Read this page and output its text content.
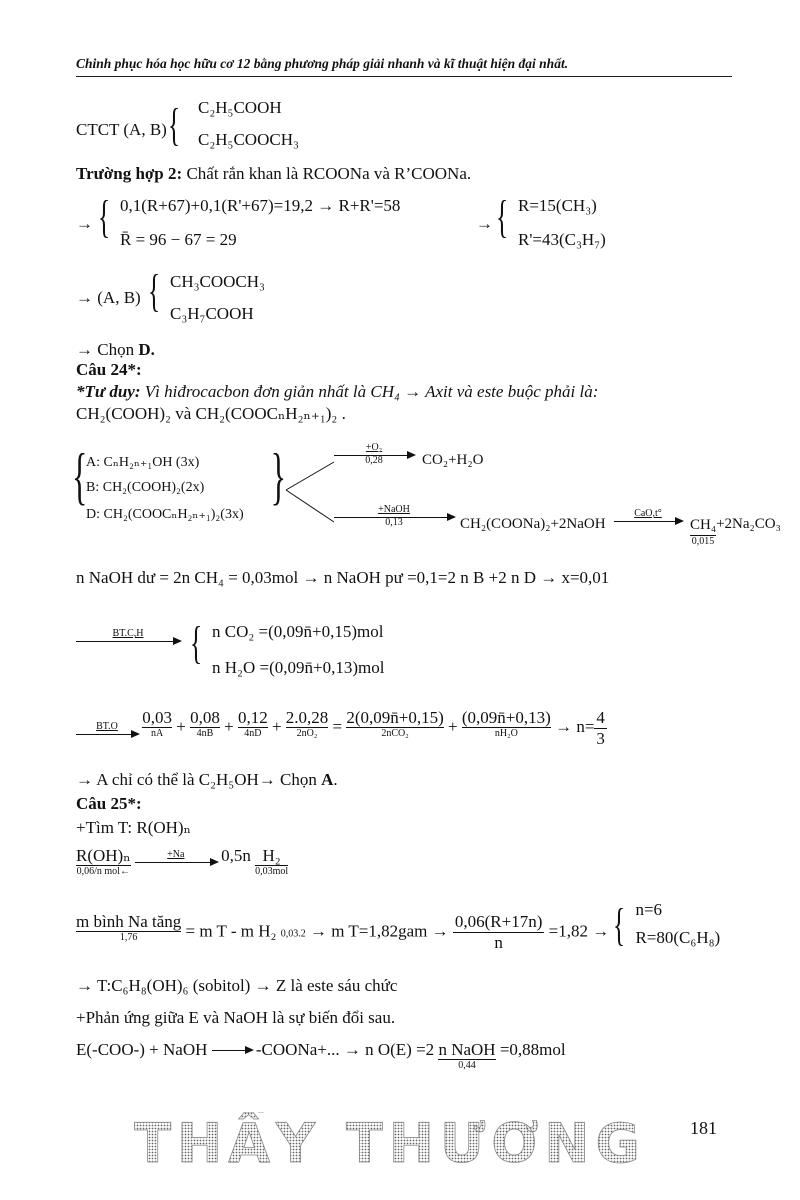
Chinh phục hóa học hữu cơ 12 bằng phương pháp giải nhanh và kĩ thuật hiện đại nhất.
CTCT (A, B) { C₂H₅COOH
C₂H₅COOCH₃
Trường hợp 2: Chất rắn khan là RCOONa và R’COONa.
→ { 0,1(R+67)+0,1(R'+67)=19,2 → R+R'=58
R̄ = 96 − 67 = 29
→ { R=15(CH₃)
R'=43(C₃H₇)
→ (A, B) { CH₃COOCH₃
C₃H₇COOH
→ Chọn D.
Câu 24*:
*Tư duy: Vì hiđrocacbon đơn giản nhất là CH₄ → Axit và este buộc phải là:
CH₂(COOH)₂ và CH₂(COOCₙH₂ₙ₊₁)₂ .
{
A: CₙH₂ₙ₊₁OH (3x)
B: CH₂(COOH)₂(2x)
D: CH₂(COOCₙH₂ₙ₊₁)₂(3x)
{	+O₂
0,28	CO₂+H₂O
+NaOH
0,13	CH₂(COONa)₂+2NaOH
CaO,t°
CH₄
0,015
+2Na₂CO₃
n NaOH dư = 2n CH₄ = 0,03mol → n NaOH pư =0,1=2 n B +2 n D → x=0,01
BT.C,H	{ n CO₂ =(0,09n̄+0,15)mol
n H₂O =(0,09n̄+0,13)mol
BT.O
	0,03
nA + 0,08
4nB + 0,12
4nD + 2.0,28
2nO₂ = 2(0,09n̄+0,15)
2nCO₂	+ (0,09n̄+0,13)
nH₂O	→ $n= \frac{4}{3}$
→ A chỉ có thể là C₂H₅OH→ Chọn A.
Câu 25*:
+Tìm T: R(OH)ₙ
R(OH)ₙ
0,06/n mol←

+Na	0,5n H₂
0,03mol
m bình Na tăng
1,76	= m T - m H₂ 0,03.2 → m $T=1,82gam \to \frac{0,06(R+17n)}{n} =1,82$ → { n=6
R=80(C₆H₈)
→ T:C₆H₈(OH)₆ (sobitol) → Z là este sáu chức
+Phản ứng giữa E và NaOH là sự biến đổi sau.
E(-COO-) + NaOH	-COONa+... → n O(E) =2 n NaOH
0,44
=0,88mol
THẦY THƯƠNG 181
